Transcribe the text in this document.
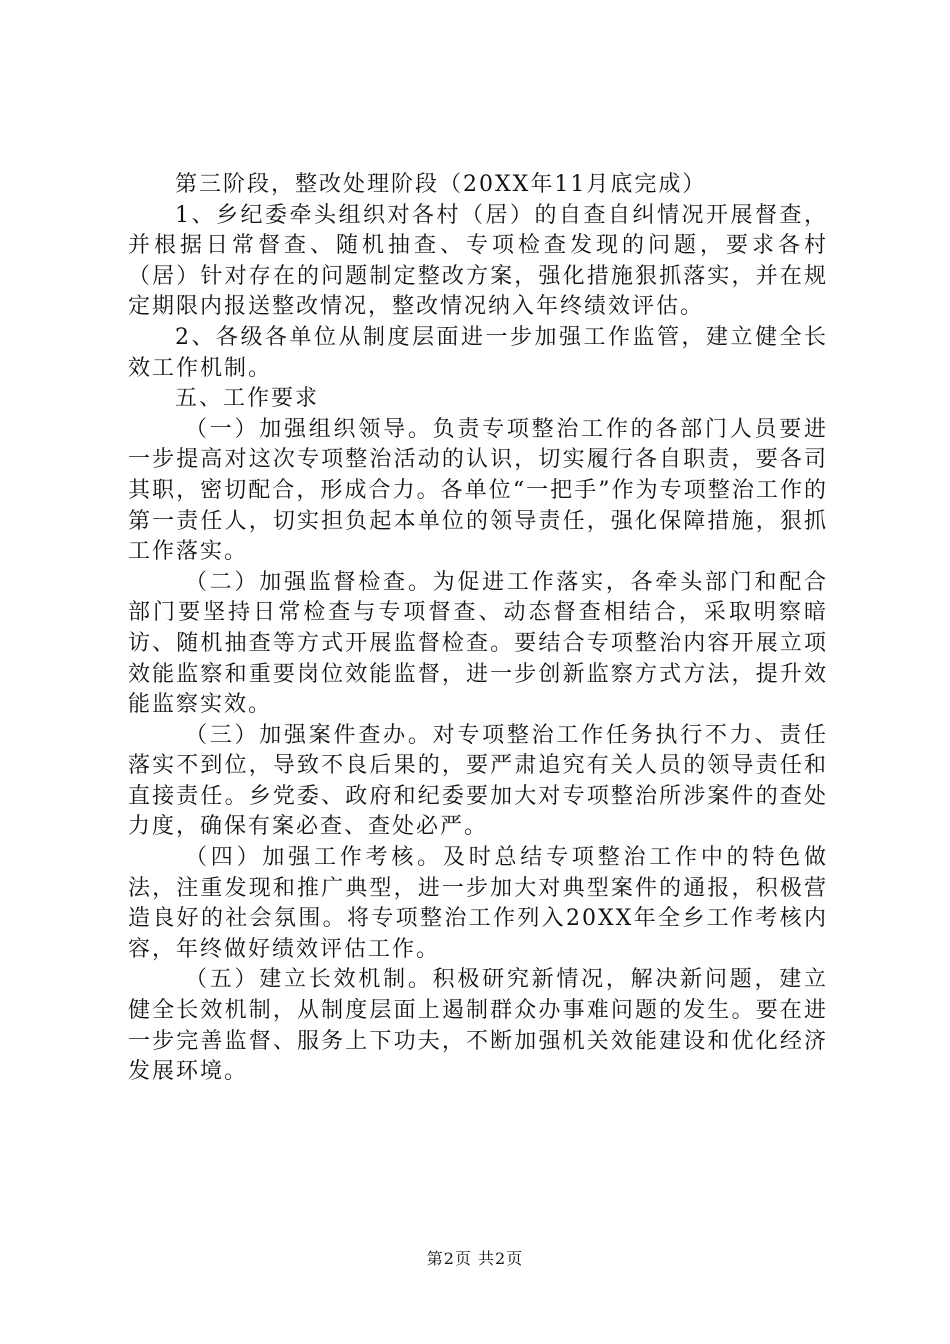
第三阶段，整改处理阶段（20XX年11月底完成）

1、乡纪委牵头组织对各村（居）的自查自纠情况开展督查，并根据日常督查、随机抽查、专项检查发现的问题，要求各村（居）针对存在的问题制定整改方案，强化措施狠抓落实，并在规定期限内报送整改情况，整改情况纳入年终绩效评估。

2、各级各单位从制度层面进一步加强工作监管，建立健全长效工作机制。

五、工作要求

（一）加强组织领导。负责专项整治工作的各部门人员要进一步提高对这次专项整治活动的认识，切实履行各自职责，要各司其职，密切配合，形成合力。各单位“一把手”作为专项整治工作的第一责任人，切实担负起本单位的领导责任，强化保障措施，狠抓工作落实。

（二）加强监督检查。为促进工作落实，各牵头部门和配合部门要坚持日常检查与专项督查、动态督查相结合，采取明察暗访、随机抽查等方式开展监督检查。要结合专项整治内容开展立项效能监察和重要岗位效能监督，进一步创新监察方式方法，提升效能监察实效。

（三）加强案件查办。对专项整治工作任务执行不力、责任落实不到位，导致不良后果的，要严肃追究有关人员的领导责任和直接责任。乡党委、政府和纪委要加大对专项整治所涉案件的查处力度，确保有案必查、查处必严。

（四）加强工作考核。及时总结专项整治工作中的特色做法，注重发现和推广典型，进一步加大对典型案件的通报，积极营造良好的社会氛围。将专项整治工作列入20XX年全乡工作考核内容，年终做好绩效评估工作。

（五）建立长效机制。积极研究新情况，解决新问题，建立健全长效机制，从制度层面上遏制群众办事难问题的发生。要在进一步完善监督、服务上下功夫，不断加强机关效能建设和优化经济发展环境。

第2页 共2页
